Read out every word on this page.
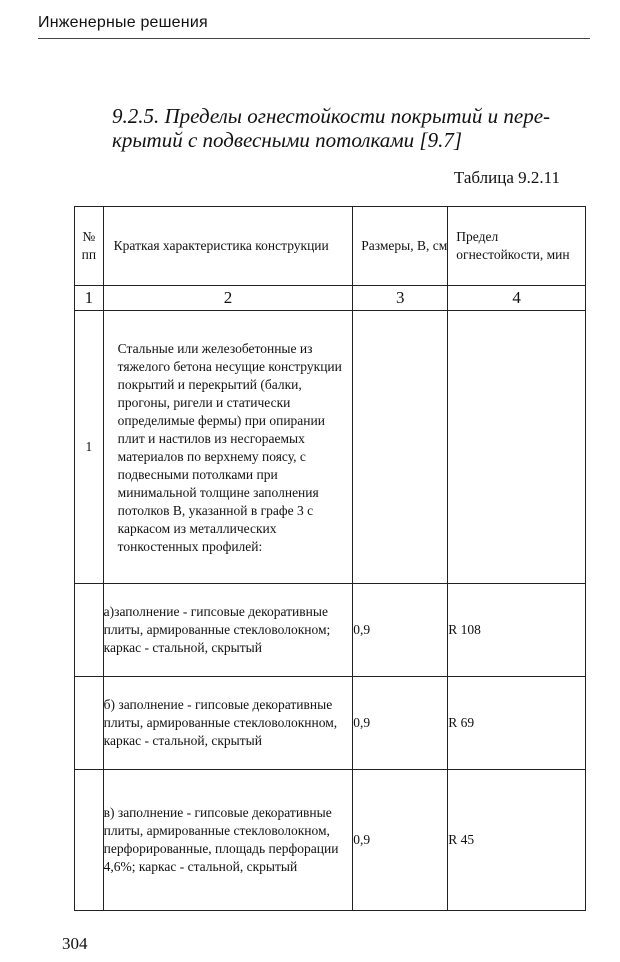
Инженерные решения
9.2.5. Пределы огнестойкости покрытий и пере-
крытий с подвесными потолками [9.7]
Таблица 9.2.11
№ пп	Краткая характеристика конструкции	Размеры, В, см	Предел огнестойкости, мин
1	2	3	4
1	Стальные или железобетонные из тяжелого бетона несущие конструкции покрытий и перекрытий (балки, прогоны, ригели и статически определимые фермы) при опирании плит и настилов из несгораемых материалов по верхнему поясу, с подвесными потолками при минимальной толщине заполнения потолков В, указанной в графе 3 с каркасом из металлических тонкостенных профилей:		
	а)заполнение - гипсовые декоративные плиты, армированные стекловолокном; каркас - стальной, скрытый	0,9	R 108
	б) заполнение - гипсовые декоративные плиты, армированные стекловолокнном, каркас - стальной, скрытый	0,9	R 69
	в) заполнение - гипсовые декоративные плиты, армированные стекловолокном, перфорированные, площадь перфорации 4,6%; каркас - стальной, скрытый	0,9	R 45
304
